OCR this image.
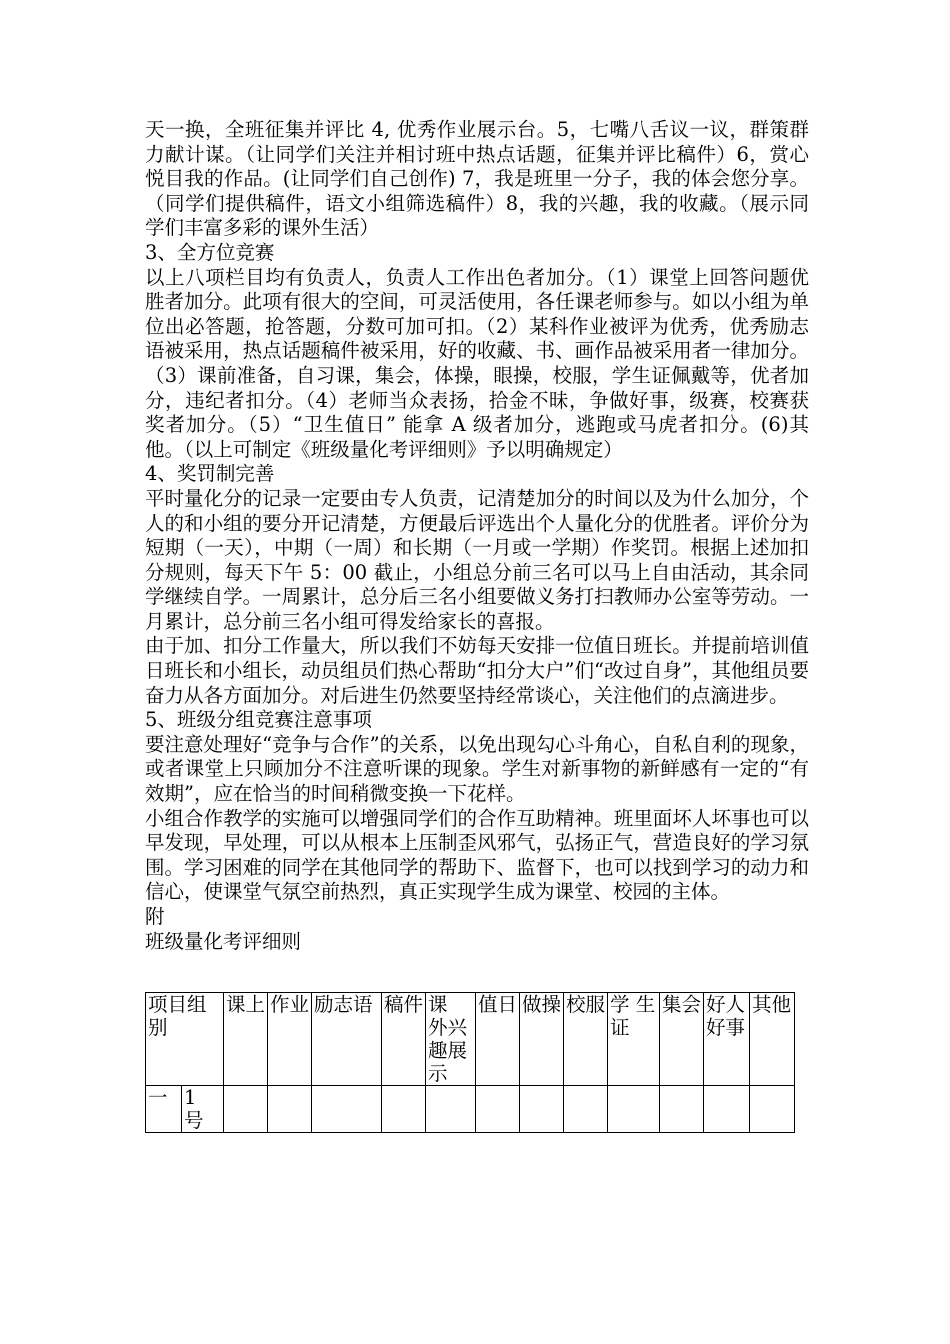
天一换，全班征集并评比 4, 优秀作业展示台。5，七嘴八舌议一议，群策群力献计谋。（让同学们关注并相讨班中热点话题，征集并评比稿件）6，赏心悦目我的作品。(让同学们自己创作) 7，我是班里一分子，我的体会您分享。（同学们提供稿件，语文小组筛选稿件）8，我的兴趣，我的收藏。（展示同学们丰富多彩的课外生活）

3、全方位竞赛

以上八项栏目均有负责人，负责人工作出色者加分。（1）课堂上回答问题优胜者加分。此项有很大的空间，可灵活使用，各任课老师参与。如以小组为单位出必答题，抢答题，分数可加可扣。（2）某科作业被评为优秀，优秀励志语被采用，热点话题稿件被采用，好的收藏、书、画作品被采用者一律加分。（3）课前准备，自习课，集会，体操，眼操，校服，学生证佩戴等，优者加分，违纪者扣分。（4）老师当众表扬，拾金不昧，争做好事，级赛，校赛获奖者加分。（5）“卫生值日” 能拿 A 级者加分，逃跑或马虎者扣分。(6)其他。（以上可制定《班级量化考评细则》予以明确规定）

4、奖罚制完善

平时量化分的记录一定要由专人负责，记清楚加分的时间以及为什么加分，个人的和小组的要分开记清楚，方便最后评选出个人量化分的优胜者。评价分为短期（一天），中期（一周）和长期（一月或一学期）作奖罚。根据上述加扣分规则，每天下午 5：00 截止，小组总分前三名可以马上自由活动，其余同学继续自学。一周累计，总分后三名小组要做义务打扫教师办公室等劳动。一月累计，总分前三名小组可得发给家长的喜报。

由于加、扣分工作量大，所以我们不妨每天安排一位值日班长。并提前培训值日班长和小组长，动员组员们热心帮助“扣分大户”们“改过自身”，其他组员要奋力从各方面加分。对后进生仍然要坚持经常谈心，关注他们的点滴进步。

5、班级分组竞赛注意事项

要注意处理好“竞争与合作”的关系，以免出现勾心斗角心，自私自利的现象，或者课堂上只顾加分不注意听课的现象。学生对新事物的新鲜感有一定的“有效期”，应在恰当的时间稍微变换一下花样。

小组合作教学的实施可以增强同学们的合作互助精神。班里面坏人坏事也可以早发现，早处理，可以从根本上压制歪风邪气，弘扬正气，营造良好的学习氛围。学习困难的同学在其他同学的帮助下、监督下，也可以找到学习的动力和信心，使课堂气氛空前热烈，真正实现学生成为课堂、校园的主体。

附

班级量化考评细则

项目组别		课上	作业	励志语	稿件	课 外兴 趣展示	值日	做操	校服	学 生证	集会	好人好事	其他
一	1 号												
